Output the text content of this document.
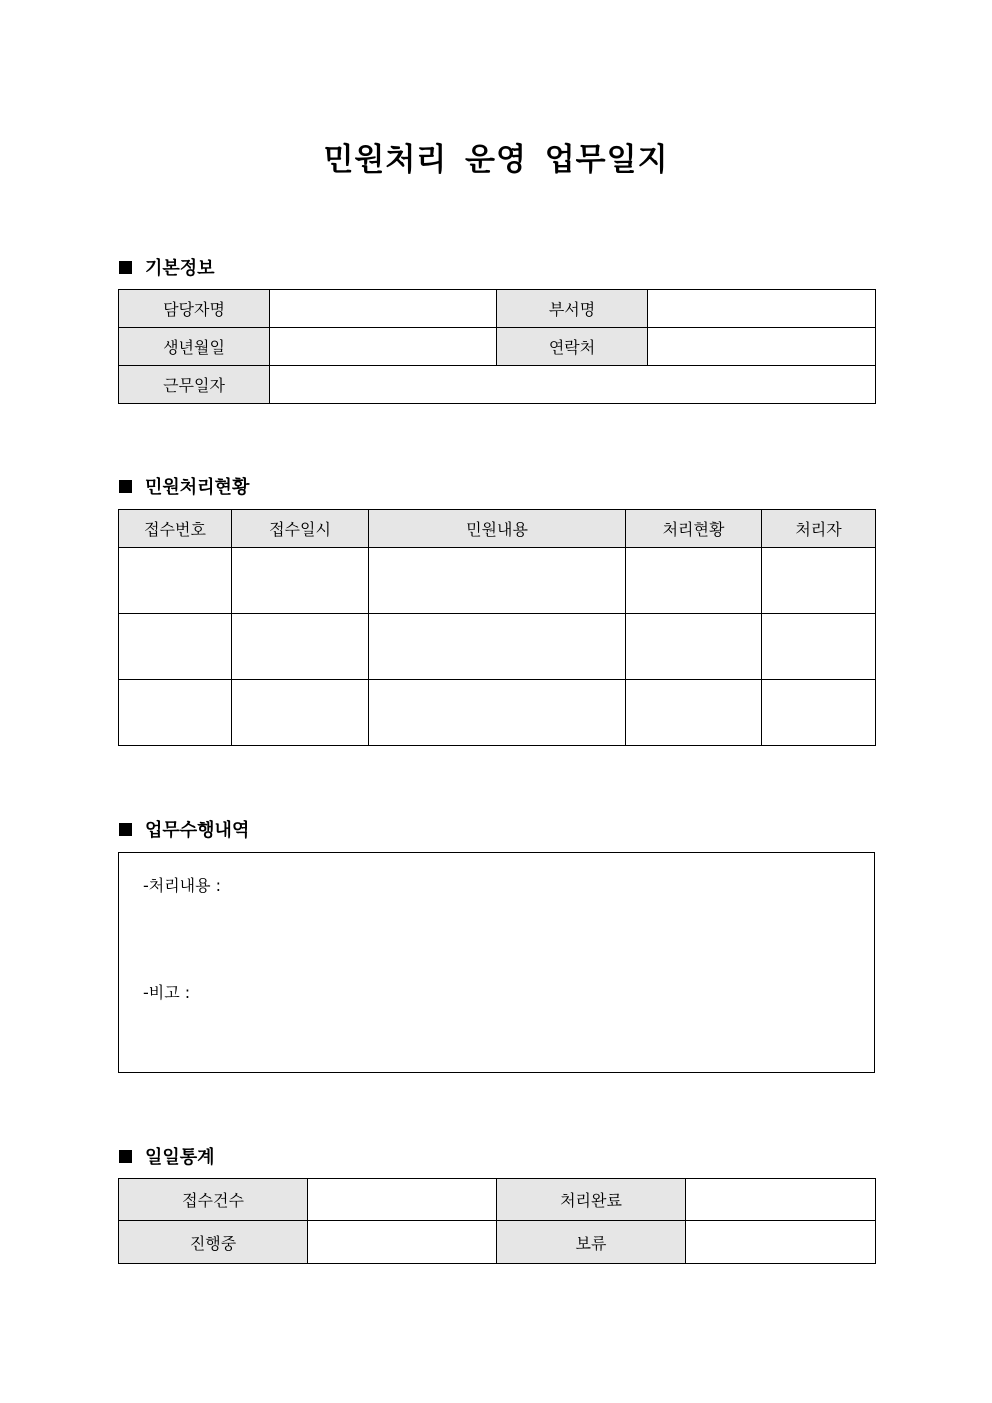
민원처리 운영 업무일지
기본정보
담당자명		부서명	
생년월일		연락처	
근무일자			
민원처리현황
접수번호	접수일시	민원내용	처리현황	처리자

업무수행내역
-처리내용 :
-비고 :
일일통계
접수건수		처리완료	
진행중		보류	
